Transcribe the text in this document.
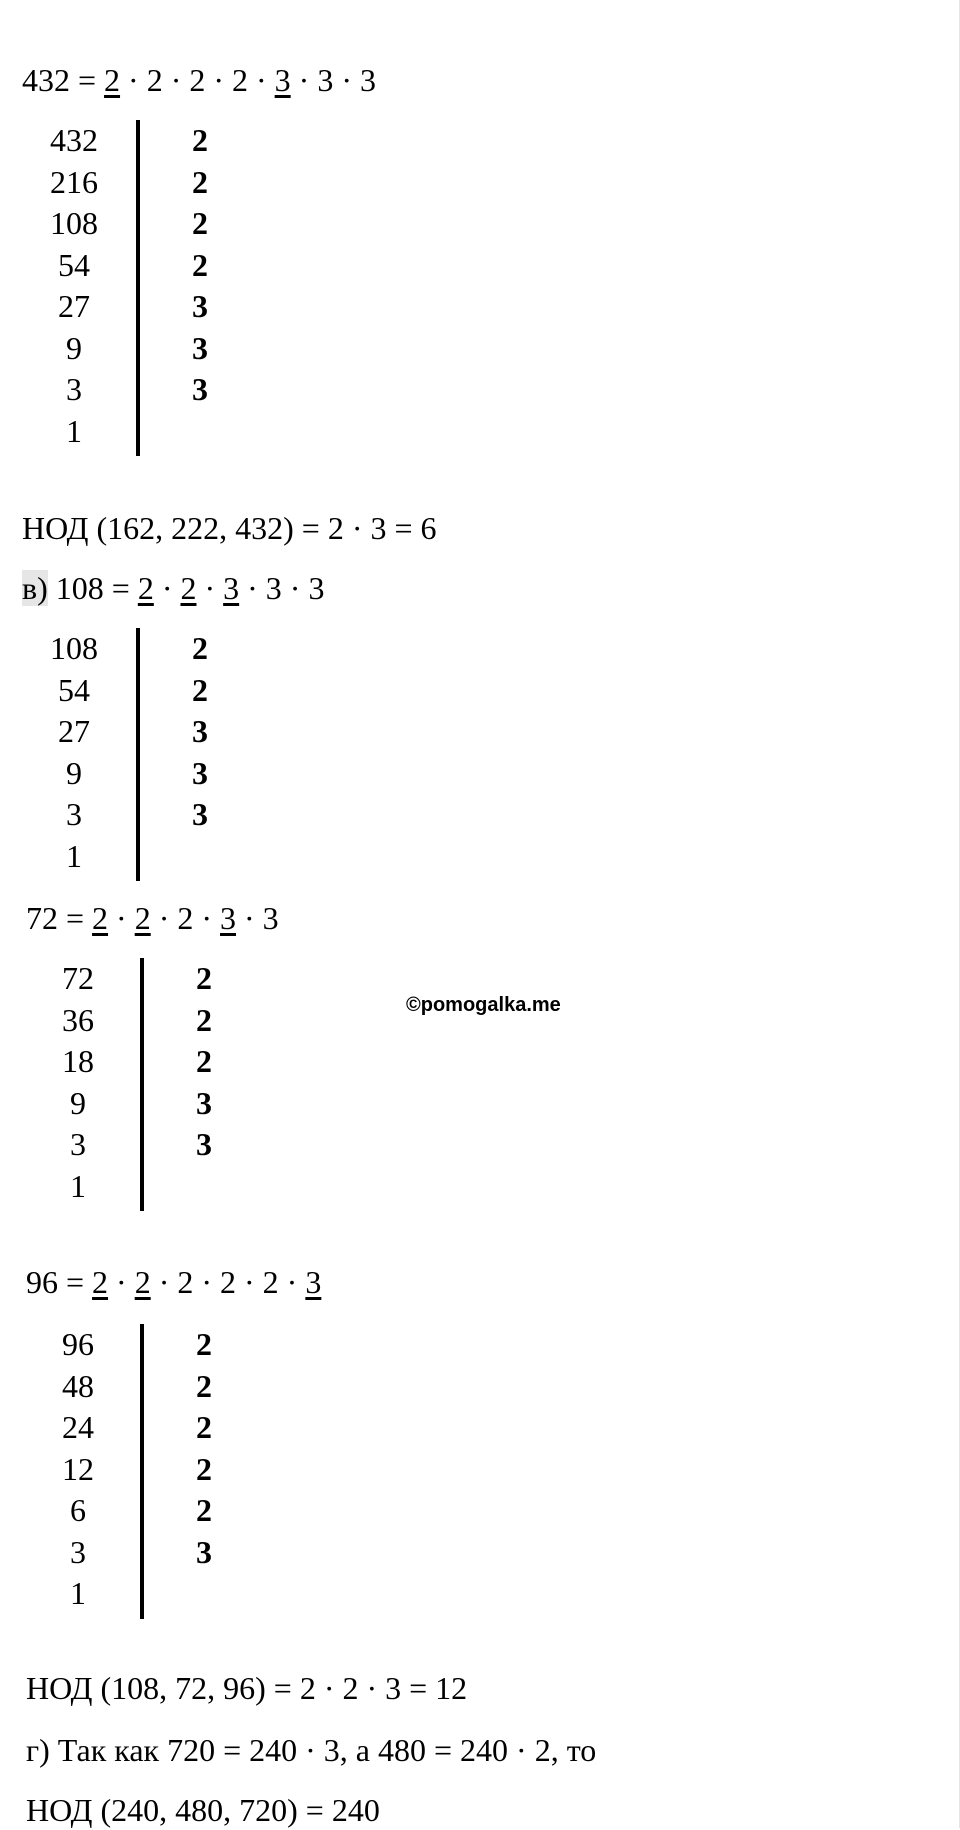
432 = 2 · 2 · 2 · 2 · 3 · 3 · 3
432	2
216	2
108	2
54	2
27	3
9	3
3	3
1
НОД (162, 222, 432) = 2 · 3 = 6
в) 108 = 2 · 2 · 3 · 3 · 3
108	2
54	2
27	3
9	3
3	3
1
72 = 2 · 2 · 2 · 3 · 3
72	2
36	2
18	2
9	3
3	3
1
©pomogalka.me
96 = 2 · 2 · 2 · 2 · 2 · 3
96	2
48	2
24	2
12	2
6	2
3	3
1
НОД (108, 72, 96) = 2 · 2 · 3 = 12
г) Так как 720 = 240 · 3, а 480 = 240 · 2, то
НОД (240, 480, 720) = 240
